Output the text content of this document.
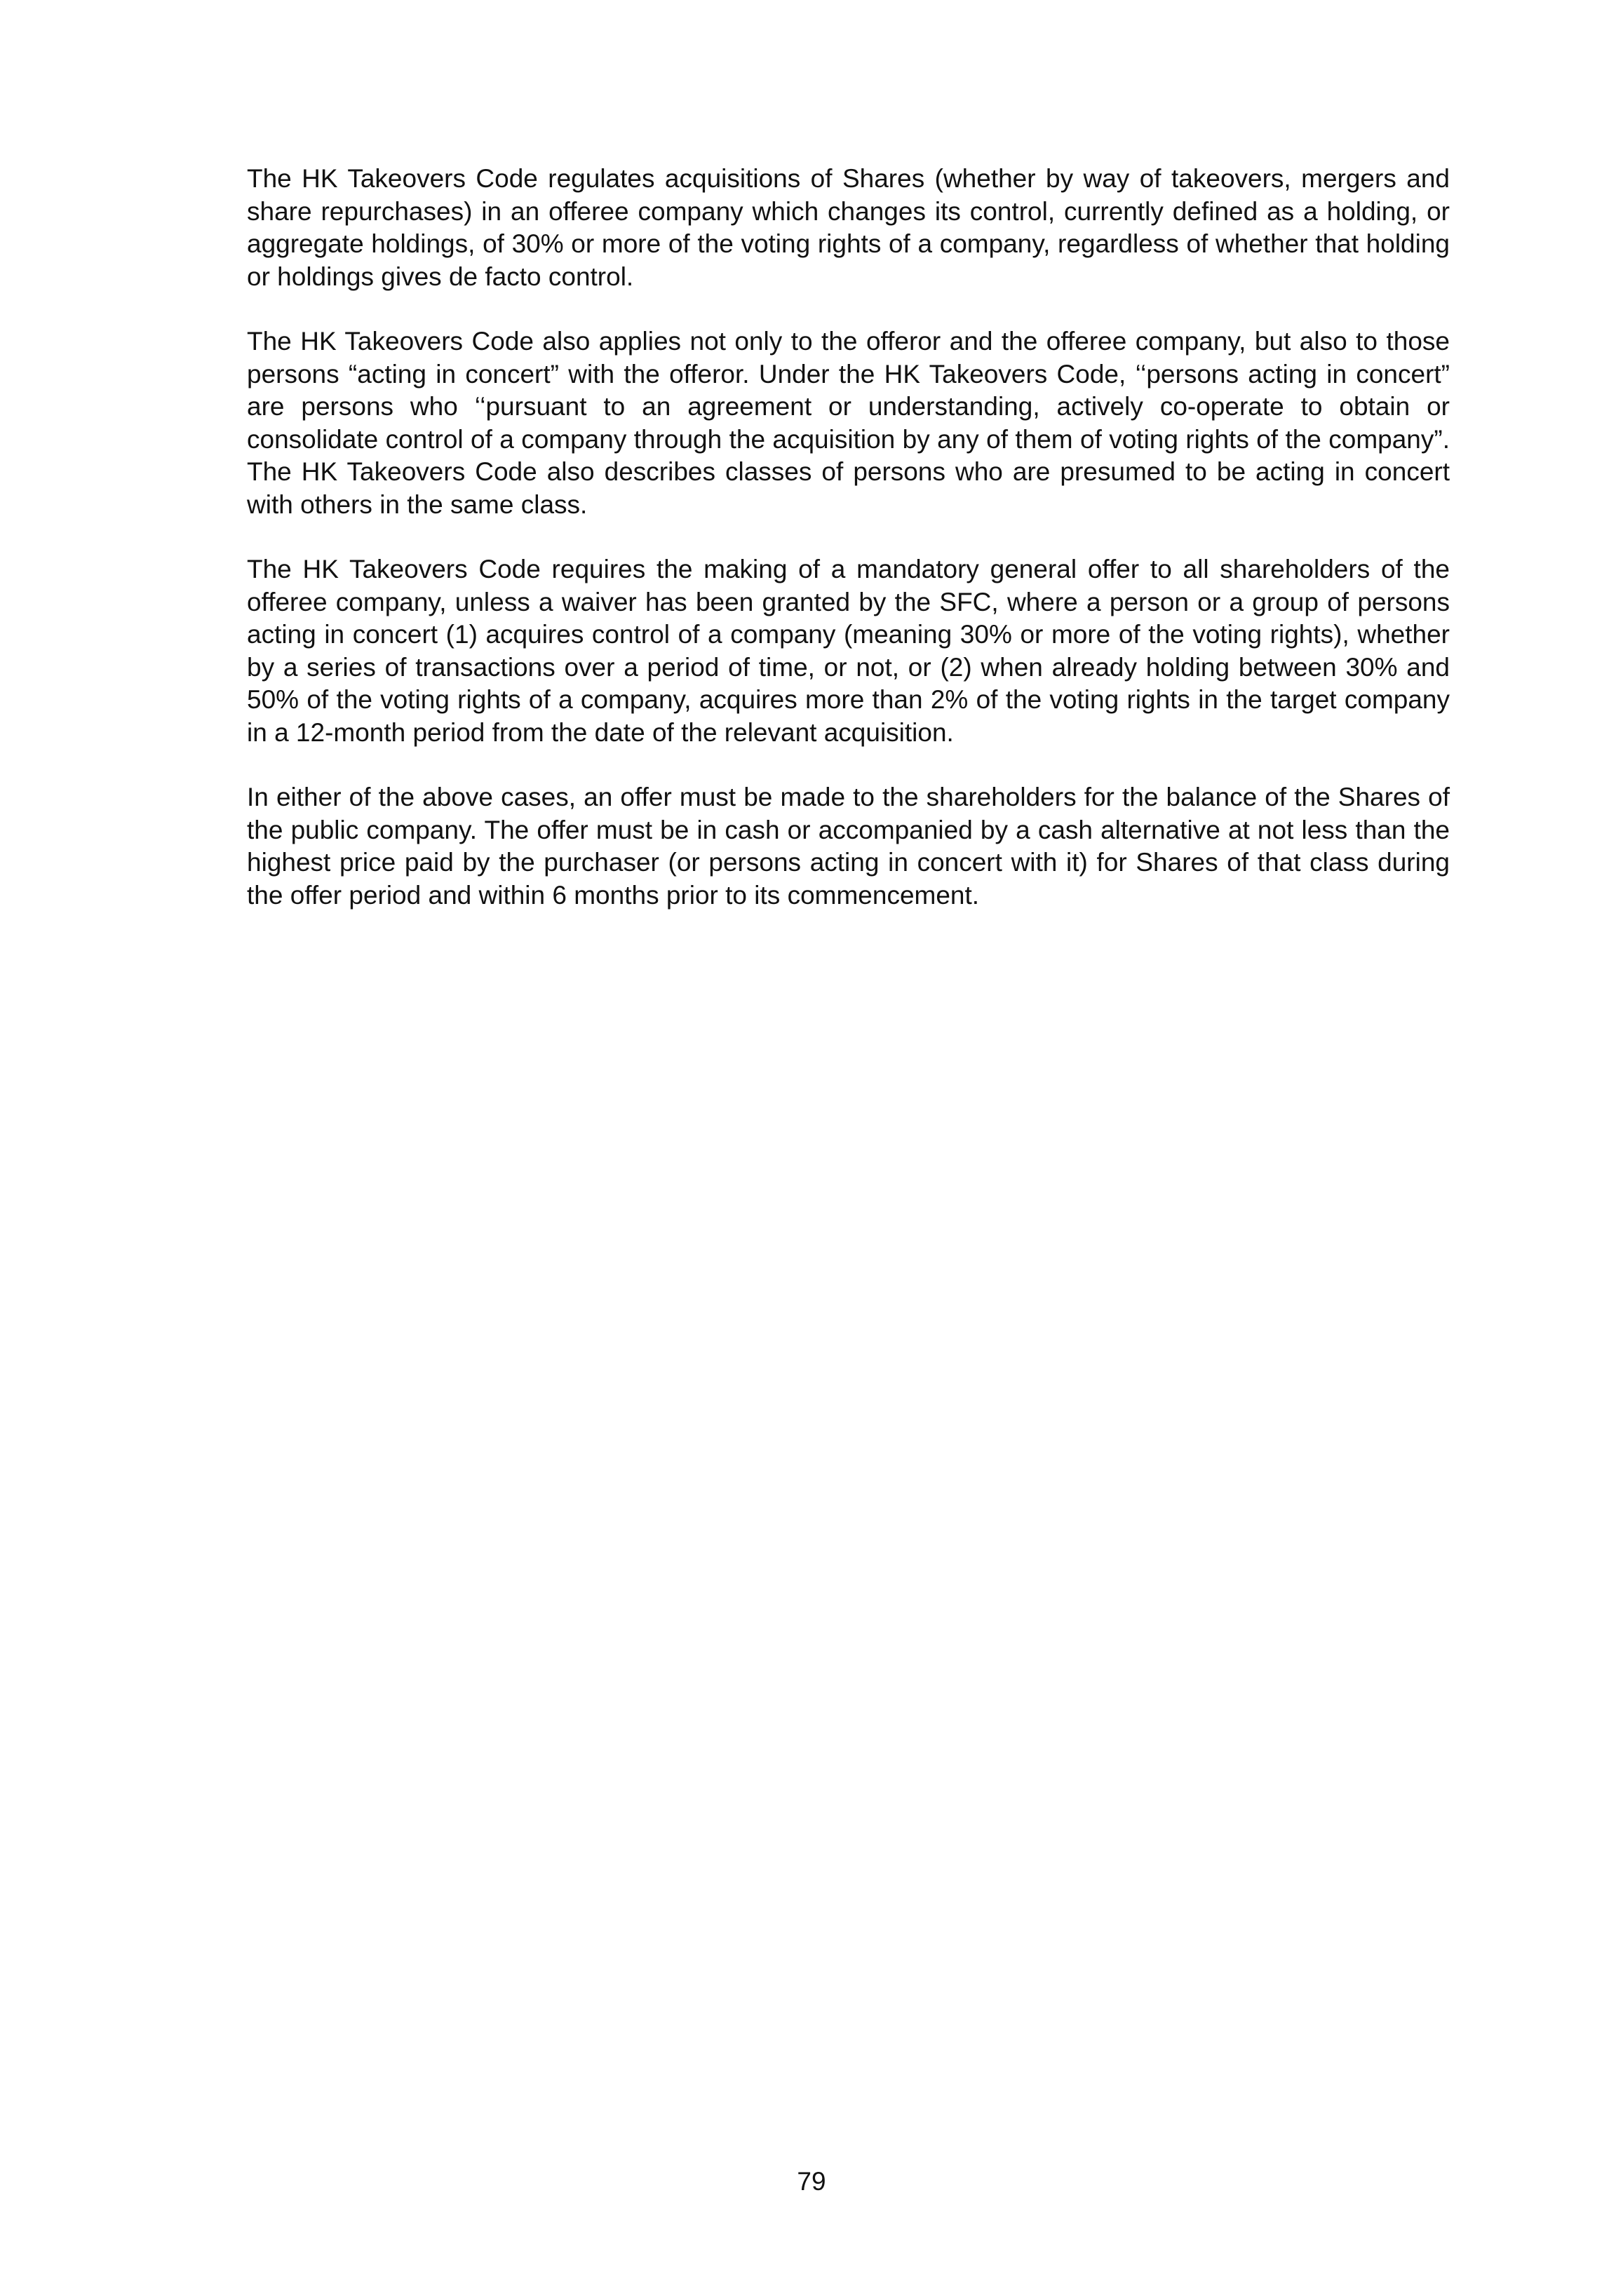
The HK Takeovers Code regulates acquisitions of Shares (whether by way of takeovers, mergers and share repurchases) in an offeree company which changes its control, currently defined as a holding, or aggregate holdings, of 30% or more of the voting rights of a company, regardless of whether that holding or holdings gives de facto control.

The HK Takeovers Code also applies not only to the offeror and the offeree company, but also to those persons “acting in concert” with the offeror. Under the HK Takeovers Code, ‘‘persons acting in concert” are persons who ‘‘pursuant to an agreement or understanding, actively co-operate to obtain or consolidate control of a company through the acquisition by any of them of voting rights of the company”. The HK Takeovers Code also describes classes of persons who are presumed to be acting in concert with others in the same class.

The HK Takeovers Code requires the making of a mandatory general offer to all shareholders of the offeree company, unless a waiver has been granted by the SFC, where a person or a group of persons acting in concert (1) acquires control of a company (meaning 30% or more of the voting rights), whether by a series of transactions over a period of time, or not, or (2) when already holding between 30% and 50% of the voting rights of a company, acquires more than 2% of the voting rights in the target company in a 12-month period from the date of the relevant acquisition.

In either of the above cases, an offer must be made to the shareholders for the balance of the Shares of the public company. The offer must be in cash or accompanied by a cash alternative at not less than the highest price paid by the purchaser (or persons acting in concert with it) for Shares of that class during the offer period and within 6 months prior to its commencement.

79
